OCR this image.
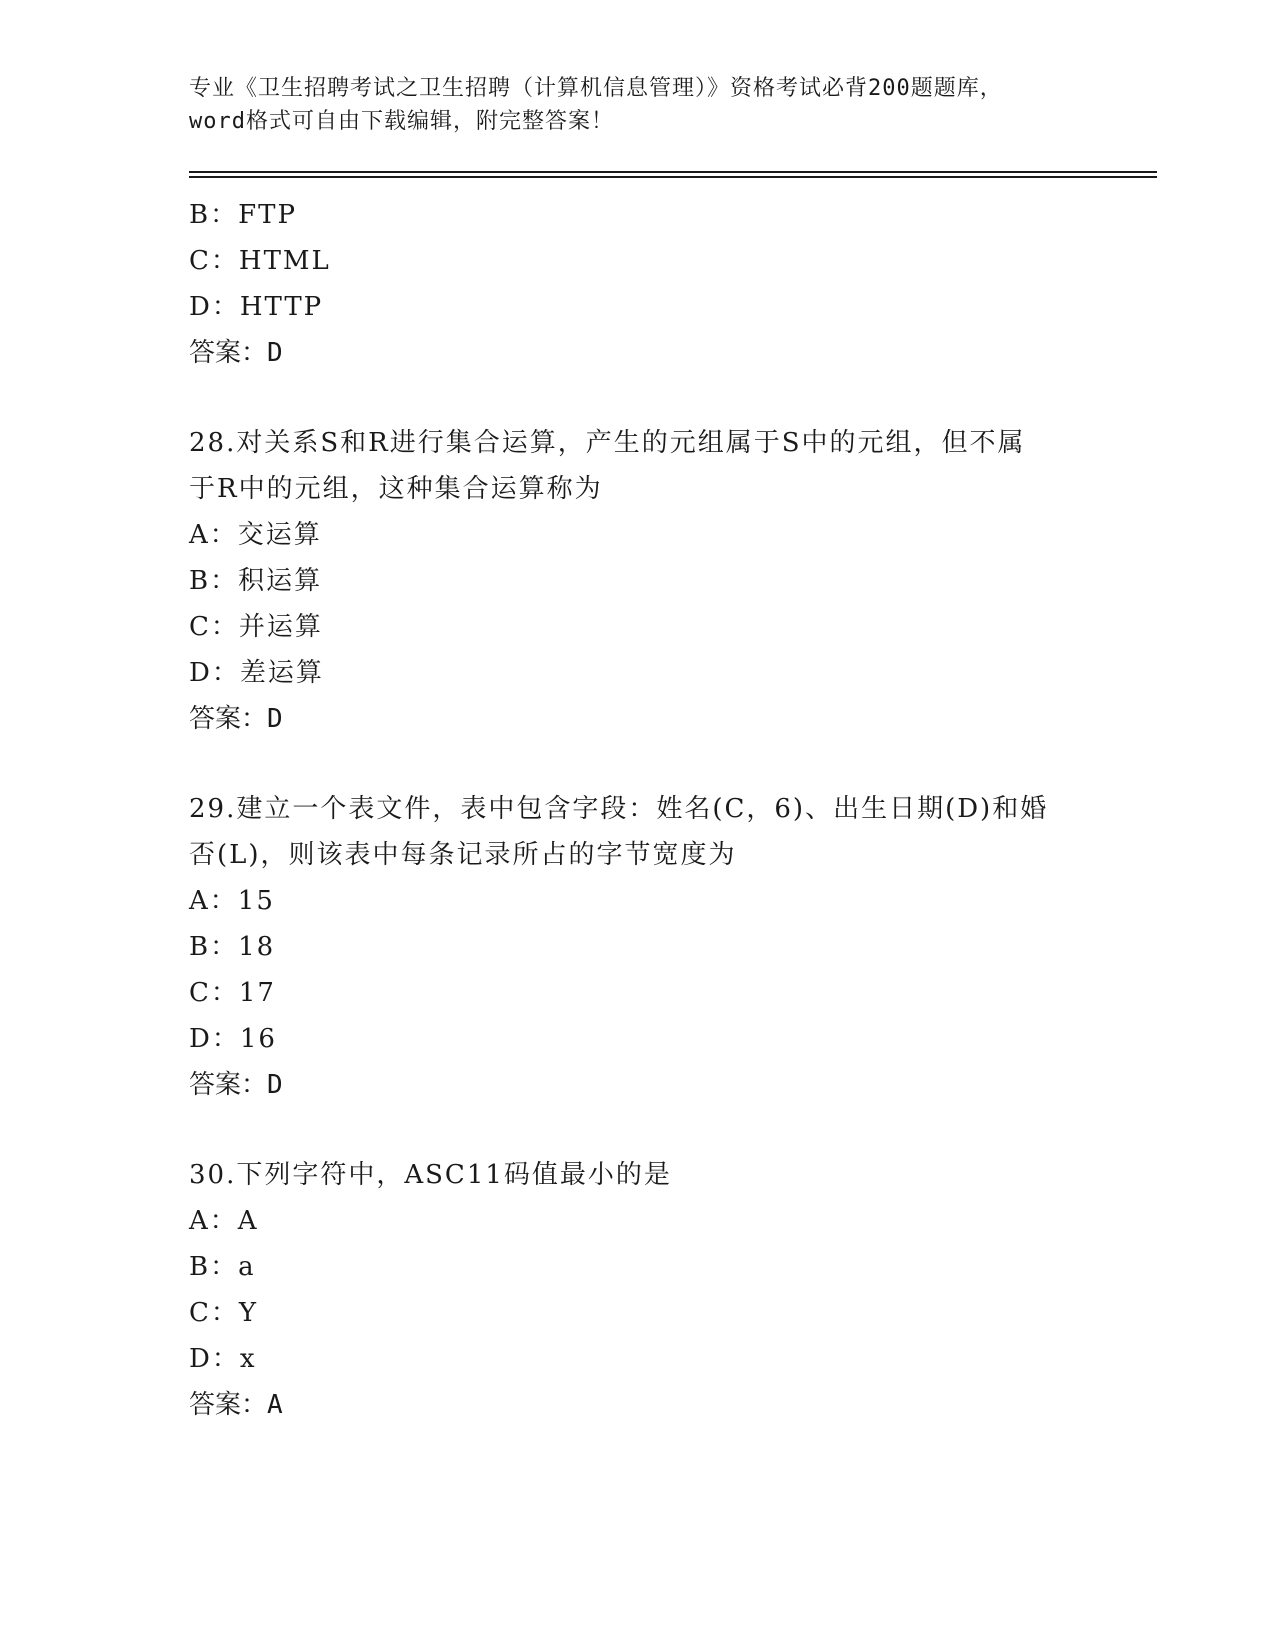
专业《卫生招聘考试之卫生招聘（计算机信息管理）》资格考试必背200题题库，
word格式可自由下载编辑，附完整答案！
B：FTP
C：HTML
D：HTTP
答案：D
28.对关系S和R进行集合运算，产生的元组属于S中的元组，但不属
于R中的元组，这种集合运算称为
A：交运算
B：积运算
C：并运算
D：差运算
答案：D
29.建立一个表文件，表中包含字段：姓名(C，6)、出生日期(D)和婚
否(L)，则该表中每条记录所占的字节宽度为
A：15
B：18
C：17
D：16
答案：D
30.下列字符中，ASC11码值最小的是
A：A
B：a
C：Y
D：x
答案：A
